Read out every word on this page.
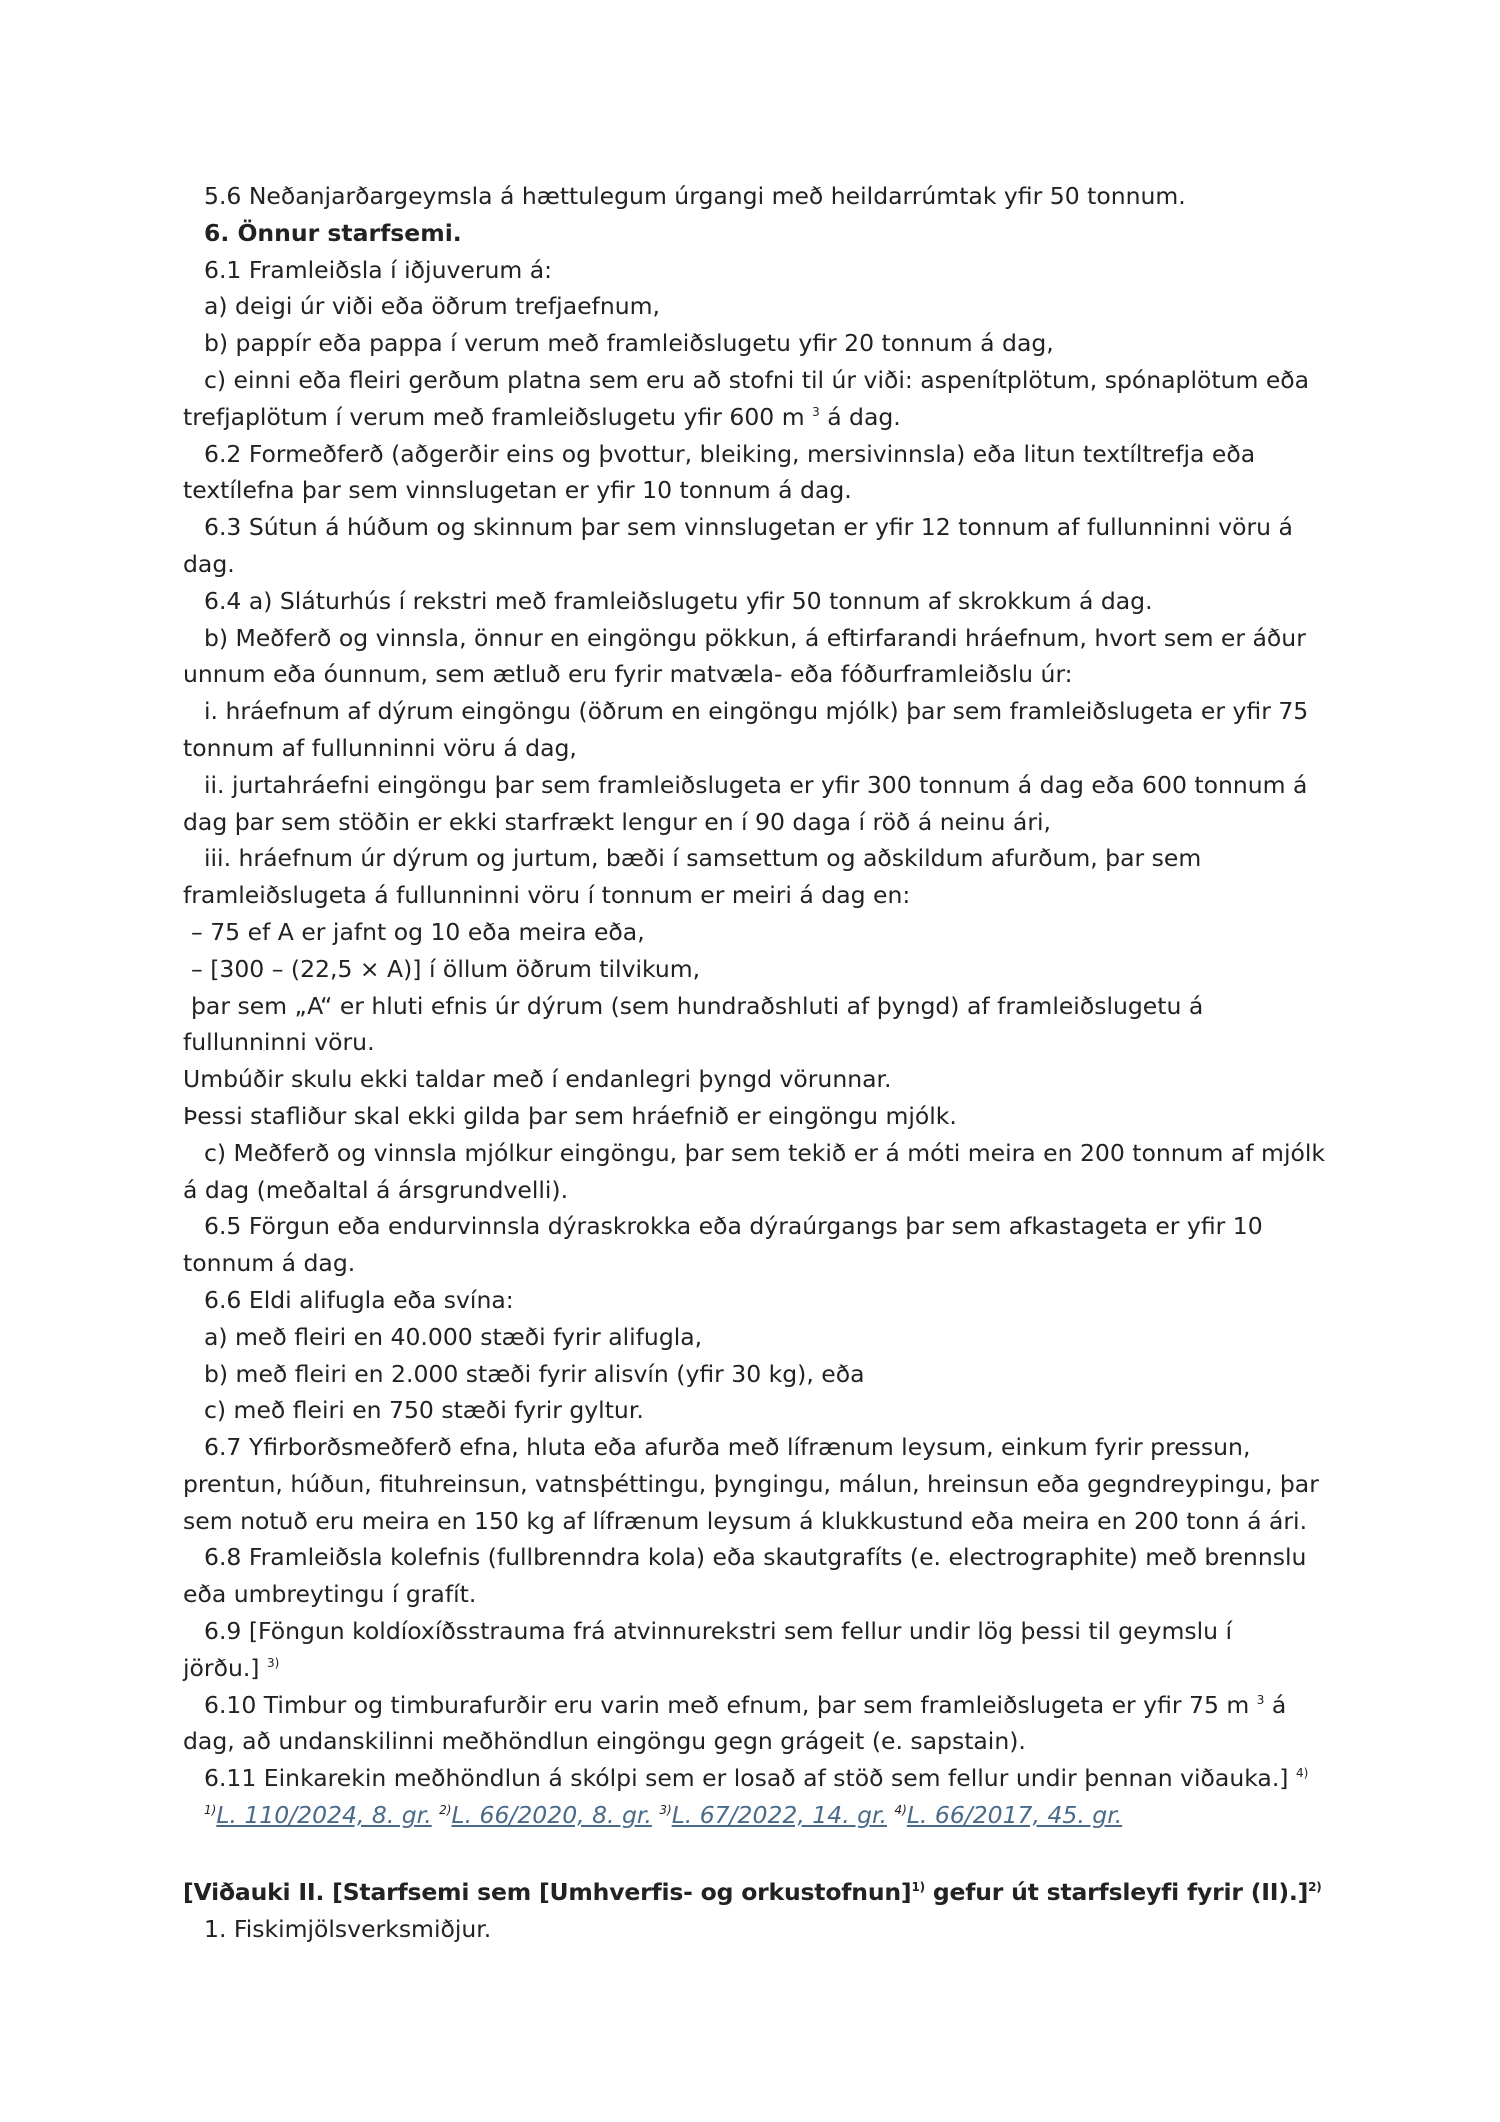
5.6 Neðanjarðargeymsla á hættulegum úrgangi með heildarrúmtak yfir 50 tonnum.

6. Önnur starfsemi.

6.1 Framleiðsla í iðjuverum á:

a) deigi úr viði eða öðrum trefjaefnum,

b) pappír eða pappa í verum með framleiðslugetu yfir 20 tonnum á dag,

c) einni eða fleiri gerðum platna sem eru að stofni til úr viði: aspenítplötum, spónaplötum eða

trefjaplötum í verum með framleiðslugetu yfir 600 m $^3$ á dag.

6.2 Formeðferð (aðgerðir eins og þvottur, bleiking, mersivinnsla) eða litun textíltrefja eða

textílefna þar sem vinnslugetan er yfir 10 tonnum á dag.

6.3 Sútun á húðum og skinnum þar sem vinnslugetan er yfir 12 tonnum af fullunninni vöru á

dag.

6.4 a) Sláturhús í rekstri með framleiðslugetu yfir 50 tonnum af skrokkum á dag.

b) Meðferð og vinnsla, önnur en eingöngu pökkun, á eftirfarandi hráefnum, hvort sem er áður

unnum eða óunnum, sem ætluð eru fyrir matvæla- eða fóðurframleiðslu úr:

i. hráefnum af dýrum eingöngu (öðrum en eingöngu mjólk) þar sem framleiðslugeta er yfir 75

tonnum af fullunninni vöru á dag,

ii. jurtahráefni eingöngu þar sem framleiðslugeta er yfir 300 tonnum á dag eða 600 tonnum á

dag þar sem stöðin er ekki starfrækt lengur en í 90 daga í röð á neinu ári,

iii. hráefnum úr dýrum og jurtum, bæði í samsettum og aðskildum afurðum, þar sem

framleiðslugeta á fullunninni vöru í tonnum er meiri á dag en:

– 75 ef A er jafnt og 10 eða meira eða,

– [300 – (22,5 × A)] í öllum öðrum tilvikum,

þar sem „A“ er hluti efnis úr dýrum (sem hundraðshluti af þyngd) af framleiðslugetu á

fullunninni vöru.

Umbúðir skulu ekki taldar með í endanlegri þyngd vörunnar.

Þessi stafliður skal ekki gilda þar sem hráefnið er eingöngu mjólk.

c) Meðferð og vinnsla mjólkur eingöngu, þar sem tekið er á móti meira en 200 tonnum af mjólk

á dag (meðaltal á ársgrundvelli).

6.5 Förgun eða endurvinnsla dýraskrokka eða dýraúrgangs þar sem afkastageta er yfir 10

tonnum á dag.

6.6 Eldi alifugla eða svína:

a) með fleiri en 40.000 stæði fyrir alifugla,

b) með fleiri en 2.000 stæði fyrir alisvín (yfir 30 kg), eða

c) með fleiri en 750 stæði fyrir gyltur.

6.7 Yfirborðsmeðferð efna, hluta eða afurða með lífrænum leysum, einkum fyrir pressun,

prentun, húðun, fituhreinsun, vatnsþéttingu, þyngingu, málun, hreinsun eða gegndreypingu, þar

sem notuð eru meira en 150 kg af lífrænum leysum á klukkustund eða meira en 200 tonn á ári.

6.8 Framleiðsla kolefnis (fullbrenndra kola) eða skautgrafíts (e. electrographite) með brennslu

eða umbreytingu í grafít.

6.9 [Föngun koldíoxíðsstrauma frá atvinnurekstri sem fellur undir lög þessi til geymslu í

jörðu.] $^{3)}$

6.10 Timbur og timburafurðir eru varin með efnum, þar sem framleiðslugeta er yfir 75 m $^3$ á

dag, að undanskilinni meðhöndlun eingöngu gegn grágeit (e. sapstain).

6.11 Einkarekin meðhöndlun á skólpi sem er losað af stöð sem fellur undir þennan viðauka.] $^{4)}$

$^{1)}$L. 110/2024, 8. gr. $^{2)}$L. 66/2020, 8. gr. $^{3)}$L. 67/2022, 14. gr. $^{4)}$L. 66/2017, 45. gr.
[Viðauki II. [Starfsemi sem [Umhverfis- og orkustofnun]$^{1)}$ gefur út starfsleyfi fyrir (II).]$^{2)}$

1. Fiskimjölsverksmiðjur.
